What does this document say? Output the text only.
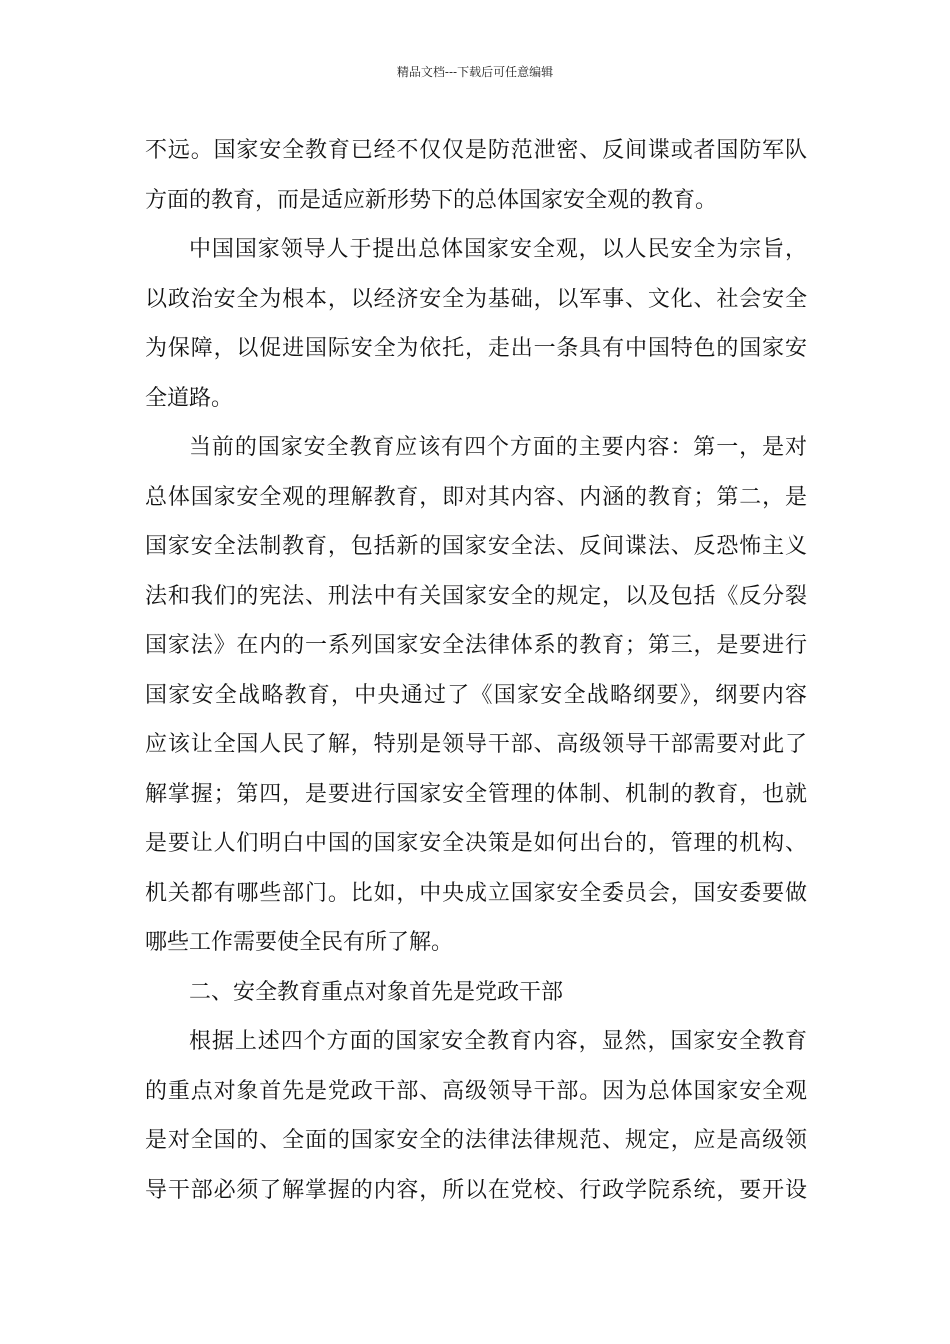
精品文档---下载后可任意编辑
不远。国家安全教育已经不仅仅是防范泄密、反间谍或者国防军队
方面的教育，而是适应新形势下的总体国家安全观的教育。
中国国家领导人于提出总体国家安全观，以人民安全为宗旨，
以政治安全为根本，以经济安全为基础，以军事、文化、社会安全
为保障，以促进国际安全为依托，走出一条具有中国特色的国家安
全道路。
当前的国家安全教育应该有四个方面的主要内容：第一，是对
总体国家安全观的理解教育，即对其内容、内涵的教育；第二，是
国家安全法制教育，包括新的国家安全法、反间谍法、反恐怖主义
法和我们的宪法、刑法中有关国家安全的规定，以及包括《反分裂
国家法》在内的一系列国家安全法律体系的教育；第三，是要进行
国家安全战略教育，中央通过了《国家安全战略纲要》，纲要内容
应该让全国人民了解，特别是领导干部、高级领导干部需要对此了
解掌握；第四，是要进行国家安全管理的体制、机制的教育，也就
是要让人们明白中国的国家安全决策是如何出台的，管理的机构、
机关都有哪些部门。比如，中央成立国家安全委员会，国安委要做
哪些工作需要使全民有所了解。
二、安全教育重点对象首先是党政干部
根据上述四个方面的国家安全教育内容，显然，国家安全教育
的重点对象首先是党政干部、高级领导干部。因为总体国家安全观
是对全国的、全面的国家安全的法律法律规范、规定，应是高级领
导干部必须了解掌握的内容，所以在党校、行政学院系统，要开设
